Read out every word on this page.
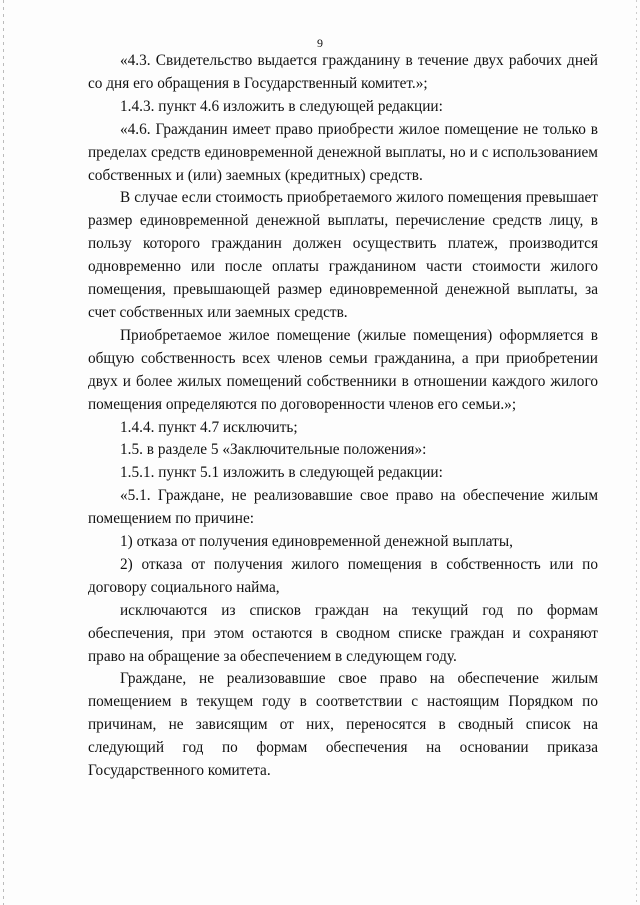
9

«4.3. Свидетельство выдается гражданину в течение двух рабочих дней со дня его обращения в Государственный комитет.»;

1.4.3. пункт 4.6 изложить в следующей редакции:

«4.6. Гражданин имеет право приобрести жилое помещение не только в пределах средств единовременной денежной выплаты, но и с использованием собственных и (или) заемных (кредитных) средств.

В случае если стоимость приобретаемого жилого помещения превышает размер единовременной денежной выплаты, перечисление средств лицу, в пользу которого гражданин должен осуществить платеж, производится одновременно или после оплаты гражданином части стоимости жилого помещения, превышающей размер единовременной денежной выплаты, за счет собственных или заемных средств.

Приобретаемое жилое помещение (жилые помещения) оформляется в общую собственность всех членов семьи гражданина, а при приобретении двух и более жилых помещений собственники в отношении каждого жилого помещения определяются по договоренности членов его семьи.»;

1.4.4. пункт 4.7 исключить;

1.5. в разделе 5 «Заключительные положения»:

1.5.1. пункт 5.1 изложить в следующей редакции:

«5.1. Граждане, не реализовавшие свое право на обеспечение жилым помещением по причине:

1) отказа от получения единовременной денежной выплаты,

2) отказа от получения жилого помещения в собственность или по договору социального найма,

исключаются из списков граждан на текущий год по формам обеспечения, при этом остаются в сводном списке граждан и сохраняют право на обращение за обеспечением в следующем году.

Граждане, не реализовавшие свое право на обеспечение жилым помещением в текущем году в соответствии с настоящим Порядком по причинам, не зависящим от них, переносятся в сводный список на следующий год по формам обеспечения на основании приказа Государственного комитета.
